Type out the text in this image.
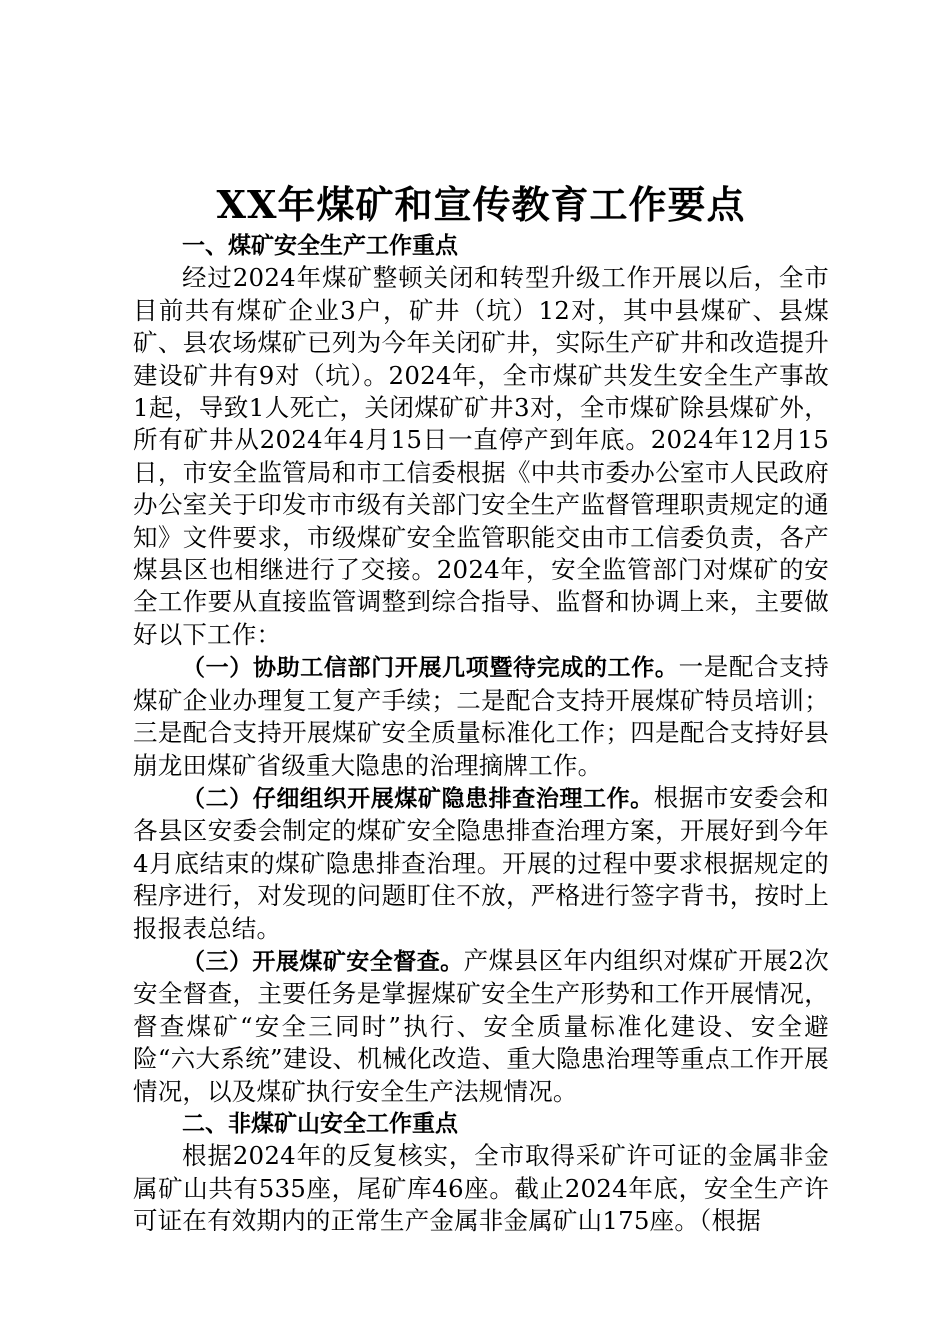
XX年煤矿和宣传教育工作要点

一、煤矿安全生产工作重点

经过2024年煤矿整顿关闭和转型升级工作开展以后，全市目前共有煤矿企业3户，矿井（坑）12对，其中县煤矿、县煤矿、县农场煤矿已列为今年关闭矿井，实际生产矿井和改造提升建设矿井有9对（坑）。2024年，全市煤矿共发生安全生产事故1起，导致1人死亡，关闭煤矿矿井3对，全市煤矿除县煤矿外，所有矿井从2024年4月15日一直停产到年底。2024年12月15日，市安全监管局和市工信委根据《中共市委办公室市人民政府办公室关于印发市市级有关部门安全生产监督管理职责规定的通知》文件要求，市级煤矿安全监管职能交由市工信委负责，各产煤县区也相继进行了交接。2024年，安全监管部门对煤矿的安全工作要从直接监管调整到综合指导、监督和协调上来，主要做好以下工作：

（一）协助工信部门开展几项暨待完成的工作。一是配合支持煤矿企业办理复工复产手续；二是配合支持开展煤矿特员培训；三是配合支持开展煤矿安全质量标准化工作；四是配合支持好县崩龙田煤矿省级重大隐患的治理摘牌工作。

（二）仔细组织开展煤矿隐患排查治理工作。根据市安委会和各县区安委会制定的煤矿安全隐患排查治理方案，开展好到今年4月底结束的煤矿隐患排查治理。开展的过程中要求根据规定的程序进行，对发现的问题盯住不放，严格进行签字背书，按时上报报表总结。

（三）开展煤矿安全督查。产煤县区年内组织对煤矿开展2次安全督查，主要任务是掌握煤矿安全生产形势和工作开展情况，督查煤矿“安全三同时”执行、安全质量标准化建设、安全避险“六大系统”建设、机械化改造、重大隐患治理等重点工作开展情况，以及煤矿执行安全生产法规情况。

二、非煤矿山安全工作重点

根据2024年的反复核实，全市取得采矿许可证的金属非金属矿山共有535座，尾矿库46座。截止2024年底，安全生产许可证在有效期内的正常生产金属非金属矿山175座。（根据
